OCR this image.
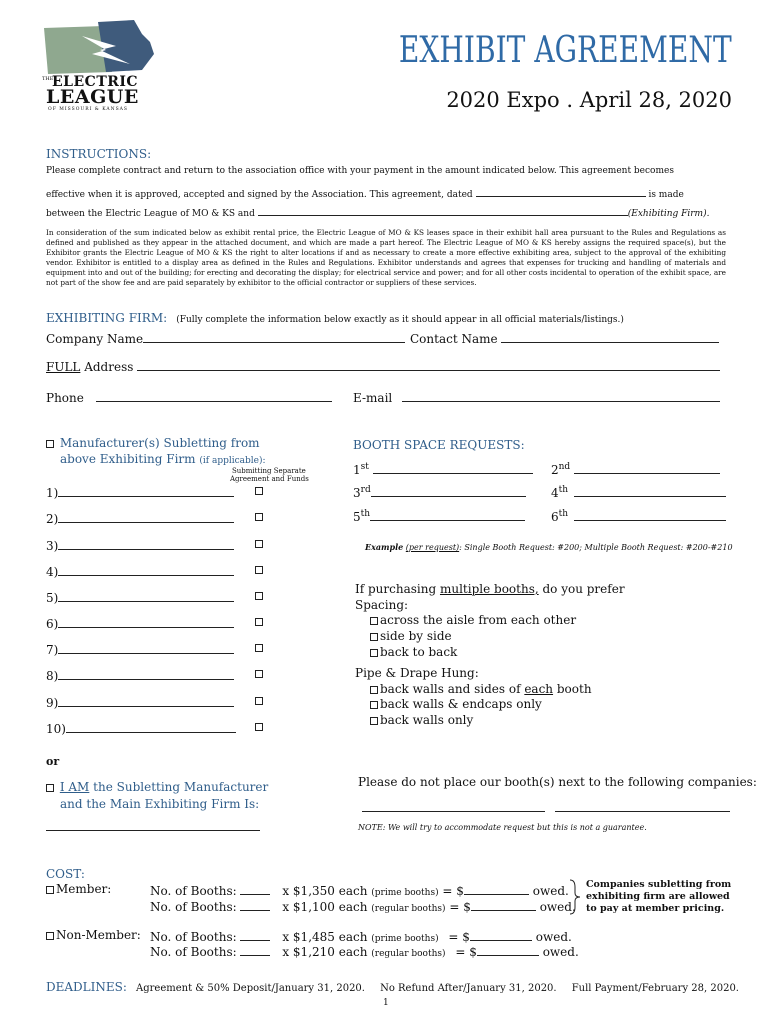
THE
ELECTRIC
LEAGUE
OF MISSOURI & KANSAS
EXHIBIT AGREEMENT
2020 Expo . April 28, 2020
INSTRUCTIONS:
Please complete contract and return to the association office with your payment in the amount indicated below. This agreement becomes
effective when it is approved, accepted and signed by the Association. This agreement, dated	is made
between the Electric League of MO & KS and	(Exhibiting Firm).
In consideration of the sum indicated below as exhibit rental price, the Electric League of MO & KS leases space in their exhibit hall area pursuant to the Rules and Regulations as defined and published as they appear in the attached document, and which are made a part hereof. The Electric League of MO & KS hereby assigns the required space(s), but the Exhibitor grants the Electric League of MO & KS the right to alter locations if and as necessary to create a more effective exhibiting area, subject to the approval of the exhibiting vendor. Exhibitor is entitled to a display area as defined in the Rules and Regulations. Exhibitor understands and agrees that expenses for trucking and handling of materials and equipment into and out of the building; for erecting and decorating the display; for electrical service and power; and for all other costs incidental to operation of the exhibit space, are not part of the show fee and are paid separately by exhibitor to the official contractor or suppliers of these services.
EXHIBITING FIRM: (Fully complete the information below exactly as it should appear in all official materials/listings.)
Company Name	Contact Name
FULL Address
Phone	E-mail
Manufacturer(s) Subletting from
above Exhibiting Firm (if applicable):
Submitting Separate
Agreement and Funds
1)
2)
3)
4)
5)
6)
7)
8)
9)
10)
BOOTH SPACE REQUESTS:
1st	2nd
3rd	4th
5th	6th
Example (per request): Single Booth Request: #200; Multiple Booth Request: #200-#210
If purchasing multiple booths, do you prefer
Spacing:
across the aisle from each other
side by side
back to back
Pipe & Drape Hung:
back walls and sides of each booth
back walls & endcaps only
back walls only
or
I AM the Subletting Manufacturer
and the Main Exhibiting Firm Is:
Please do not place our booth(s) next to the following companies:
NOTE: We will try to accommodate request but this is not a guarantee.
COST:
Member:
Non-Member:
No. of Booths:	x $1,350 each (prime booths) = $	owed.
No. of Booths:	x $1,100 each (regular booths) = $	owed.
No. of Booths:	x $1,485 each (prime booths) = $	owed.
No. of Booths:	x $1,210 each (regular booths) = $	owed.
Companies subletting from
exhibiting firm are allowed
to pay at member pricing.
DEADLINES: Agreement & 50% Deposit/January 31, 2020. No Refund After/January 31, 2020. Full Payment/February 28, 2020.
1
